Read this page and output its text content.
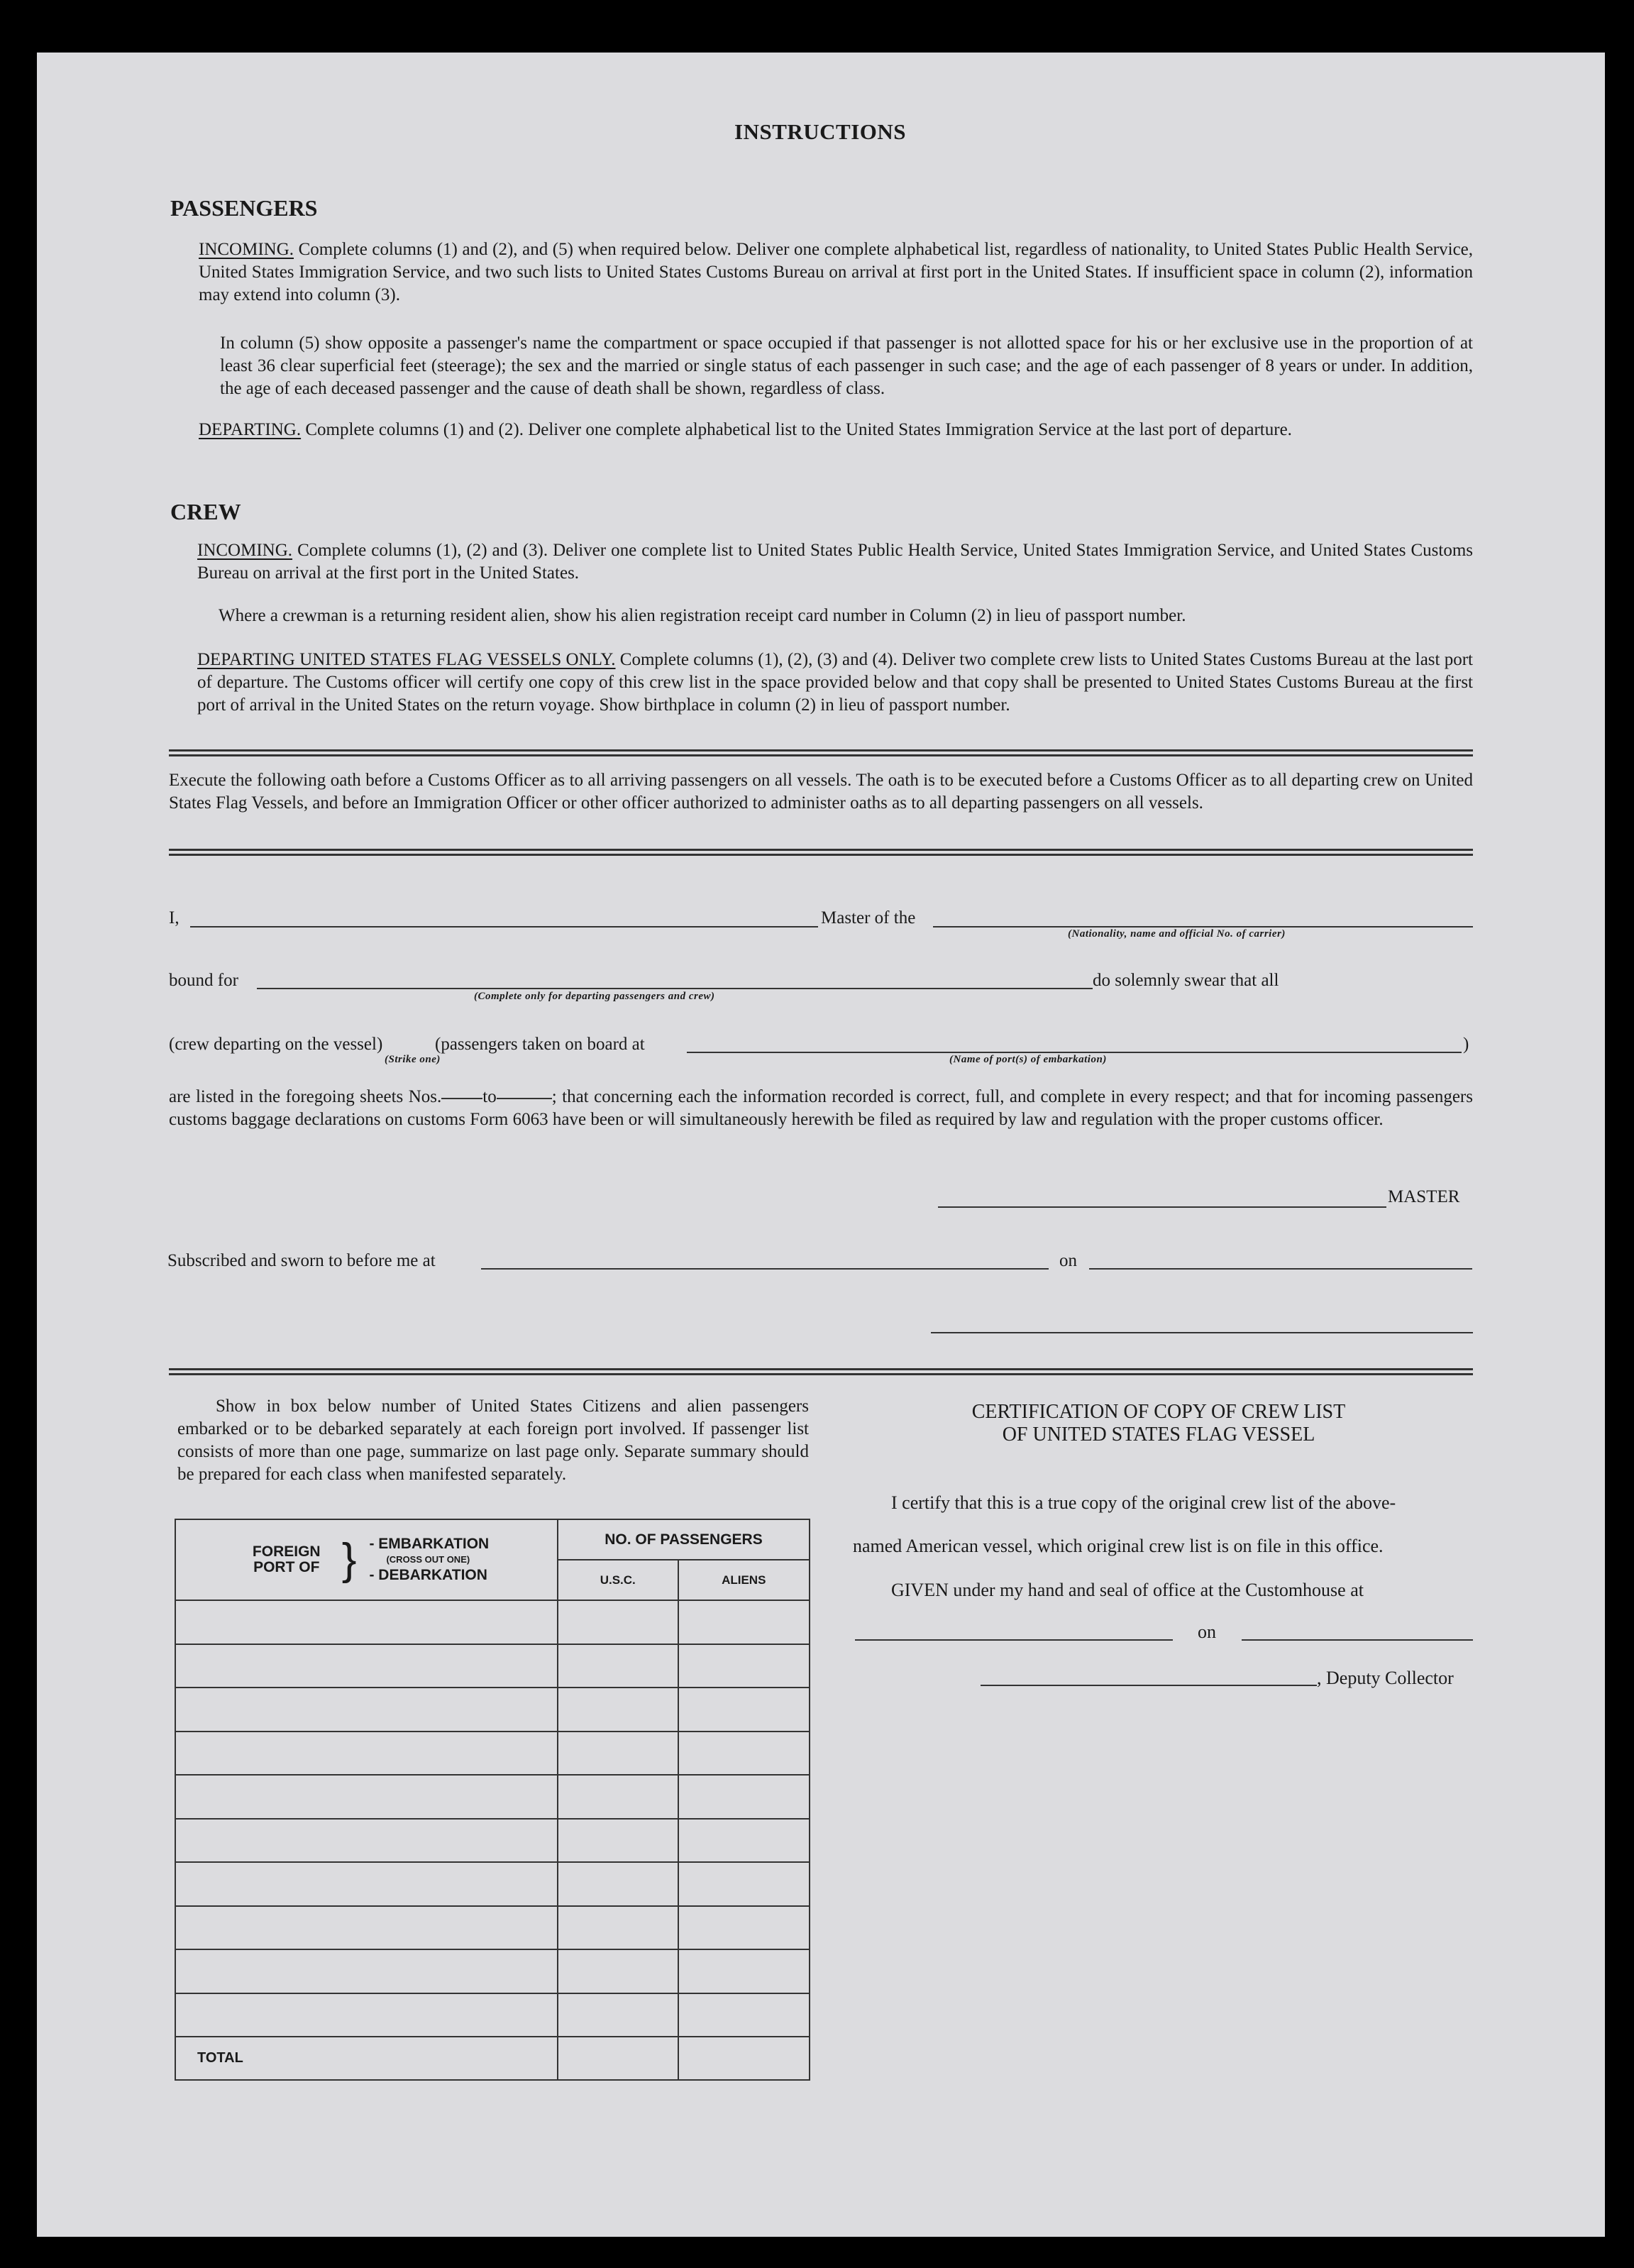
INSTRUCTIONS
PASSENGERS
INCOMING. Complete columns (1) and (2), and (5) when required below. Deliver one complete alphabetical list, regardless of nationality, to United States Public Health Service, United States Immigration Service, and two such lists to United States Customs Bureau on arrival at first port in the United States. If insufficient space in column (2), information may extend into column (3).
In column (5) show opposite a passenger's name the compartment or space occupied if that passenger is not allotted space for his or her exclusive use in the proportion of at least 36 clear superficial feet (steerage); the sex and the married or single status of each passenger in such case; and the age of each passenger of 8 years or under. In addition, the age of each deceased passenger and the cause of death shall be shown, regardless of class.
DEPARTING. Complete columns (1) and (2). Deliver one complete alphabetical list to the United States Immigration Service at the last port of departure.
CREW
INCOMING. Complete columns (1), (2) and (3). Deliver one complete list to United States Public Health Service, United States Immigration Service, and United States Customs Bureau on arrival at the first port in the United States.
Where a crewman is a returning resident alien, show his alien registration receipt card number in Column (2) in lieu of passport number.
DEPARTING UNITED STATES FLAG VESSELS ONLY. Complete columns (1), (2), (3) and (4). Deliver two complete crew lists to United States Customs Bureau at the last port of departure. The Customs officer will certify one copy of this crew list in the space provided below and that copy shall be presented to United States Customs Bureau at the first port of arrival in the United States on the return voyage. Show birthplace in column (2) in lieu of passport number.
Execute the following oath before a Customs Officer as to all arriving passengers on all vessels. The oath is to be executed before a Customs Officer as to all departing crew on United States Flag Vessels, and before an Immigration Officer or other officer authorized to administer oaths as to all departing passengers on all vessels.
I,	Master of the
(Nationality, name and official No. of carrier)
bound for
(Complete only for departing passengers and crew)
do solemnly swear that all
(crew departing on the vessel)	(passengers taken on board at	)
(Strike one)	(Name of port(s) of embarkation)
are listed in the foregoing sheets Nos. to	; that concerning each the information recorded is correct, full, and complete in every respect; and that for incoming passengers customs baggage declarations on customs Form 6063 have been or will simultaneously herewith be filed as required by law and regulation with the proper customs officer.
MASTER
Subscribed and sworn to before me at	on
Show in box below number of United States Citizens and alien passengers embarked or to be debarked separately at each foreign port involved. If passenger list consists of more than one page, summarize on last page only. Separate summary should be prepared for each class when manifested separately.
FOREIGN PORT OF } - EMBARKATION
(CROSS OUT ONE)
- DEBARKATION	NO. OF PASSENGERS	
	U.S.C.	ALIENS

TOTAL		
CERTIFICATION OF COPY OF CREW LIST
OF UNITED STATES FLAG VESSEL
I certify that this is a true copy of the original crew list of the above-
named American vessel, which original crew list is on file in this office.
GIVEN under my hand and seal of office at the Customhouse at
on
, Deputy Collector
